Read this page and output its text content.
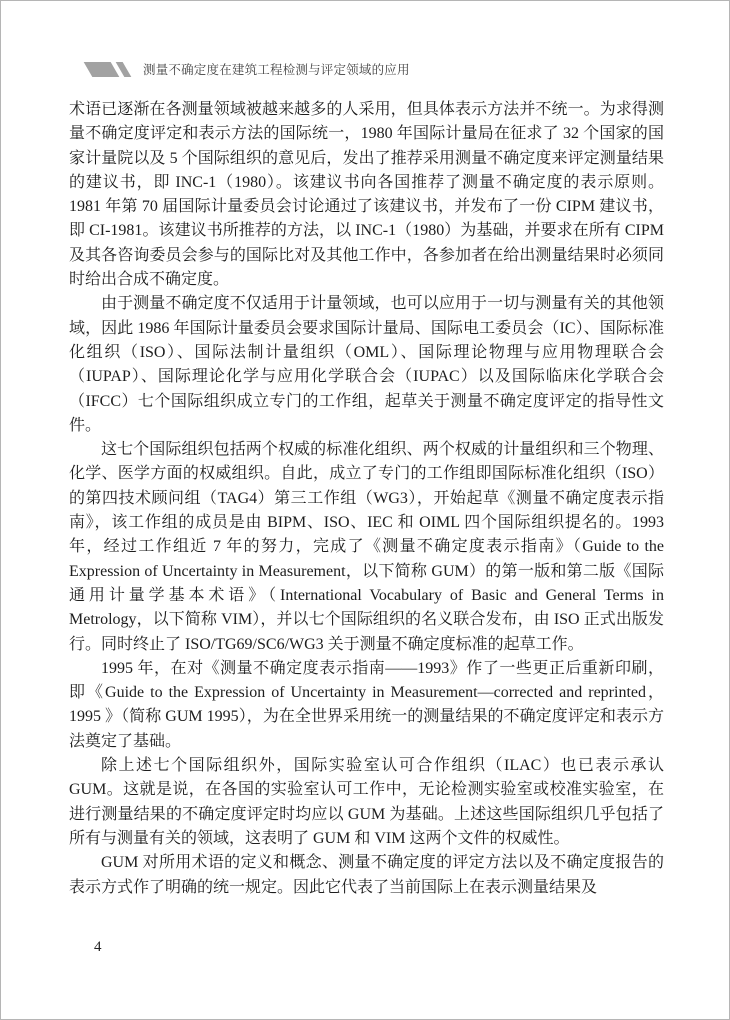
测量不确定度在建筑工程检测与评定领域的应用

术语已逐渐在各测量领域被越来越多的人采用，但具体表示方法并不统一。为求得测量不确定度评定和表示方法的国际统一，1980 年国际计量局在征求了 32 个国家的国家计量院以及 5 个国际组织的意见后，发出了推荐采用测量不确定度来评定测量结果的建议书，即 INC-1（1980）。该建议书向各国推荐了测量不确定度的表示原则。1981 年第 70 届国际计量委员会讨论通过了该建议书，并发布了一份 CIPM 建议书，即 CI-1981。该建议书所推荐的方法，以 INC-1（1980）为基础，并要求在所有 CIPM 及其各咨询委员会参与的国际比对及其他工作中，各参加者在给出测量结果时必须同时给出合成不确定度。

由于测量不确定度不仅适用于计量领域，也可以应用于一切与测量有关的其他领域，因此 1986 年国际计量委员会要求国际计量局、国际电工委员会（IC）、国际标准化组织（ISO）、国际法制计量组织（OML）、国际理论物理与应用物理联合会（IUPAP）、国际理论化学与应用化学联合会（IUPAC）以及国际临床化学联合会（IFCC）七个国际组织成立专门的工作组，起草关于测量不确定度评定的指导性文件。

这七个国际组织包括两个权威的标准化组织、两个权威的计量组织和三个物理、化学、医学方面的权威组织。自此，成立了专门的工作组即国际标准化组织（ISO）的第四技术顾问组（TAG4）第三工作组（WG3），开始起草《测量不确定度表示指南》，该工作组的成员是由 BIPM、ISO、IEC 和 OIML 四个国际组织提名的。1993 年，经过工作组近 7 年的努力，完成了《测量不确定度表示指南》（Guide to the Expression of Uncertainty in Measurement，以下简称 GUM）的第一版和第二版《国际通用计量学基本术语》（International Vocabulary of Basic and General Terms in Metrology，以下简称 VIM），并以七个国际组织的名义联合发布，由 ISO 正式出版发行。同时终止了 ISO/TG69/SC6/WG3 关于测量不确定度标准的起草工作。

1995 年，在对《测量不确定度表示指南——1993》作了一些更正后重新印刷，即《Guide to the Expression of Uncertainty in Measurement—corrected and reprinted，1995 》（简称 GUM 1995），为在全世界采用统一的测量结果的不确定度评定和表示方法奠定了基础。

除上述七个国际组织外，国际实验室认可合作组织（ILAC）也已表示承认 GUM。这就是说，在各国的实验室认可工作中，无论检测实验室或校准实验室，在进行测量结果的不确定度评定时均应以 GUM 为基础。上述这些国际组织几乎包括了所有与测量有关的领域，这表明了 GUM 和 VIM 这两个文件的权威性。

GUM 对所用术语的定义和概念、测量不确定度的评定方法以及不确定度报告的表示方式作了明确的统一规定。因此它代表了当前国际上在表示测量结果及

4
